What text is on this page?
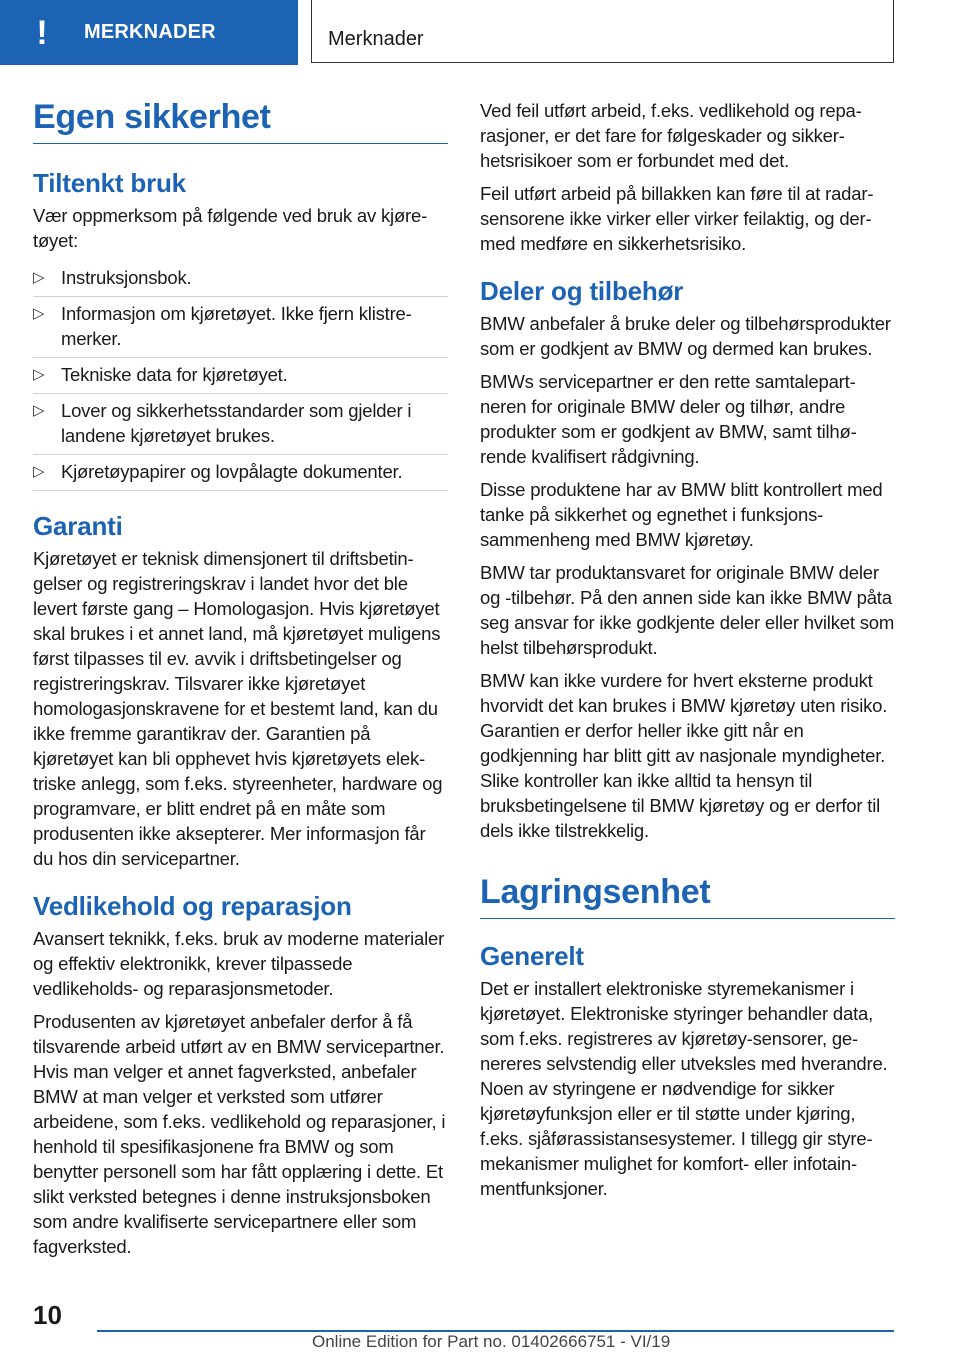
!	MERKNADER	Merknader
Egen sikkerhet
Tiltenkt bruk

Vær oppmerksom på følgende ved bruk av kjøretøyet:

▷ Instruksjonsbok.
▷ Informasjon om kjøretøyet. Ikke fjern klistremerker.
▷ Tekniske data for kjøretøyet.
▷ Lover og sikkerhetsstandarder som gjelder i landene kjøretøyet brukes.
▷ Kjøretøypapirer og lovpålagte dokumenter.
Garanti

Kjøretøyet er teknisk dimensjonert til driftsbetingelser og registreringskrav i landet hvor det ble levert første gang – Homologasjon. Hvis kjøretøyet skal brukes i et annet land, må kjøretøyet muligens først tilpasses til ev. avvik i driftsbetingelser og registreringskrav. Tilsvarer ikke kjøretøyet homologasjonskravene for et bestemt land, kan du ikke fremme garantikrav der. Garantien på kjøretøyet kan bli opphevet hvis kjøretøyets elektriske anlegg, som f.eks. styreenheter, hardware og programvare, er blitt endret på en måte som produsenten ikke aksepterer. Mer informasjon får du hos din servicepartner.

Vedlikehold og reparasjon

Avansert teknikk, f.eks. bruk av moderne materialer og effektiv elektronikk, krever tilpassede vedlikeholds- og reparasjonsmetoder.

Produsenten av kjøretøyet anbefaler derfor å få tilsvarende arbeid utført av en BMW servicepartner. Hvis man velger et annet fagverksted, anbefaler BMW at man velger et verksted som utfører arbeidene, som f.eks. vedlikehold og reparasjoner, i henhold til spesifikasjonene fra BMW og som benytter personell som har fått opplæring i dette. Et slikt verksted betegnes i denne instruksjonsboken som andre kvalifiserte servicepartnere eller som fagverksted.

Ved feil utført arbeid, f.eks. vedlikehold og reparasjoner, er det fare for følgeskader og sikkerhetsrisikoer som er forbundet med det.

Feil utført arbeid på billakken kan føre til at radarsensorene ikke virker eller virker feilaktig, og dermed medføre en sikkerhetsrisiko.

Deler og tilbehør

BMW anbefaler å bruke deler og tilbehørsprodukter som er godkjent av BMW og dermed kan brukes.

BMWs servicepartner er den rette samtalepartneren for originale BMW deler og tilhør, andre produkter som er godkjent av BMW, samt tilhørende kvalifisert rådgivning.

Disse produktene har av BMW blitt kontrollert med tanke på sikkerhet og egnethet i funksjonssammenheng med BMW kjøretøy.

BMW tar produktansvaret for originale BMW deler og -tilbehør. På den annen side kan ikke BMW påta seg ansvar for ikke godkjente deler eller hvilket som helst tilbehørsprodukt.

BMW kan ikke vurdere for hvert eksterne produkt hvorvidt det kan brukes i BMW kjøretøy uten risiko. Garantien er derfor heller ikke gitt når en godkjenning har blitt gitt av nasjonale myndigheter. Slike kontroller kan ikke alltid ta hensyn til bruksbetingelsene til BMW kjøretøy og er derfor til dels ikke tilstrekkelig.

Lagringsenhet
Generelt

Det er installert elektroniske styremekanismer i kjøretøyet. Elektroniske styringer behandler data, som f.eks. registreres av kjøretøy-sensorer, genereres selvstendig eller utveksles med hverandre. Noen av styringene er nødvendige for sikker kjøretøyfunksjon eller er til støtte under kjøring, f.eks. sjåførassistansesystemer. I tillegg gir styremekanismer mulighet for komfort- eller infotainmentfunksjoner.

10
Online Edition for Part no. 01402666751 - VI/19
